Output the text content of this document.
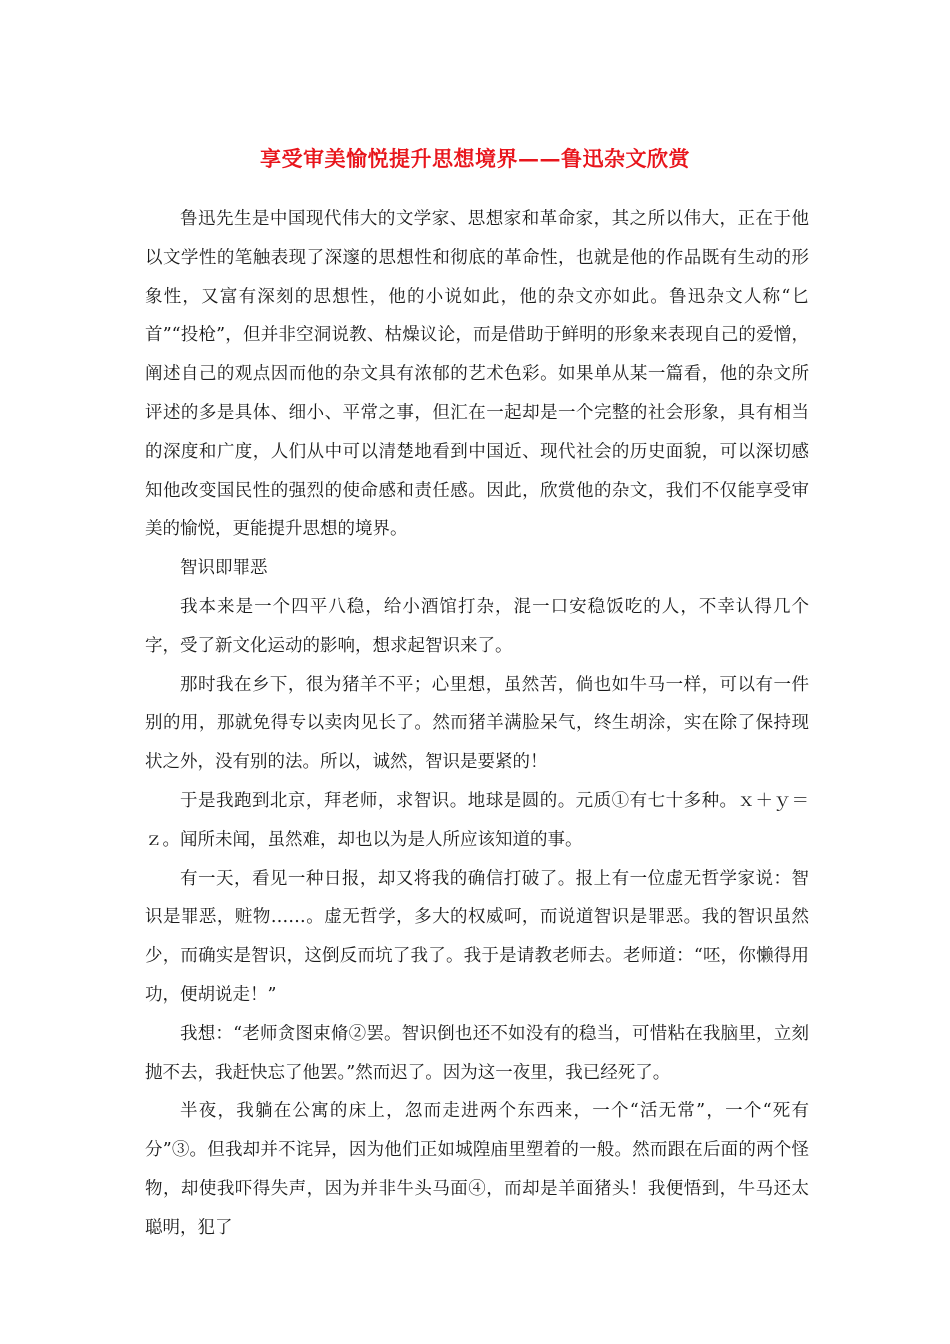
享受审美愉悦提升思想境界——鲁迅杂文欣赏

鲁迅先生是中国现代伟大的文学家、思想家和革命家，其之所以伟大，正在于他以文学性的笔触表现了深邃的思想性和彻底的革命性，也就是他的作品既有生动的形象性，又富有深刻的思想性，他的小说如此，他的杂文亦如此。鲁迅杂文人称“匕首”“投枪”，但并非空洞说教、枯燥议论，而是借助于鲜明的形象来表现自己的爱憎，阐述自己的观点因而他的杂文具有浓郁的艺术色彩。如果单从某一篇看，他的杂文所评述的多是具体、细小、平常之事，但汇在一起却是一个完整的社会形象，具有相当的深度和广度，人们从中可以清楚地看到中国近、现代社会的历史面貌，可以深切感知他改变国民性的强烈的使命感和责任感。因此，欣赏他的杂文，我们不仅能享受审美的愉悦，更能提升思想的境界。

智识即罪恶

我本来是一个四平八稳，给小酒馆打杂，混一口安稳饭吃的人，不幸认得几个字，受了新文化运动的影响，想求起智识来了。

那时我在乡下，很为猪羊不平；心里想，虽然苦，倘也如牛马一样，可以有一件别的用，那就免得专以卖肉见长了。然而猪羊满脸呆气，终生胡涂，实在除了保持现状之外，没有别的法。所以，诚然，智识是要紧的！

于是我跑到北京，拜老师，求智识。地球是圆的。元质①有七十多种。ｘ＋ｙ＝ｚ。闻所未闻，虽然难，却也以为是人所应该知道的事。

有一天，看见一种日报，却又将我的确信打破了。报上有一位虚无哲学家说：智识是罪恶，赃物……。虚无哲学，多大的权威呵，而说道智识是罪恶。我的智识虽然少，而确实是智识，这倒反而坑了我了。我于是请教老师去。老师道：“呸，你懒得用功，便胡说走！”

我想：“老师贪图束脩②罢。智识倒也还不如没有的稳当，可惜粘在我脑里，立刻抛不去，我赶快忘了他罢。”然而迟了。因为这一夜里，我已经死了。

半夜，我躺在公寓的床上，忽而走进两个东西来，一个“活无常”，一个“死有分”③。但我却并不诧异，因为他们正如城隍庙里塑着的一般。然而跟在后面的两个怪物，却使我吓得失声，因为并非牛头马面④，而却是羊面猪头！我便悟到，牛马还太聪明，犯了
